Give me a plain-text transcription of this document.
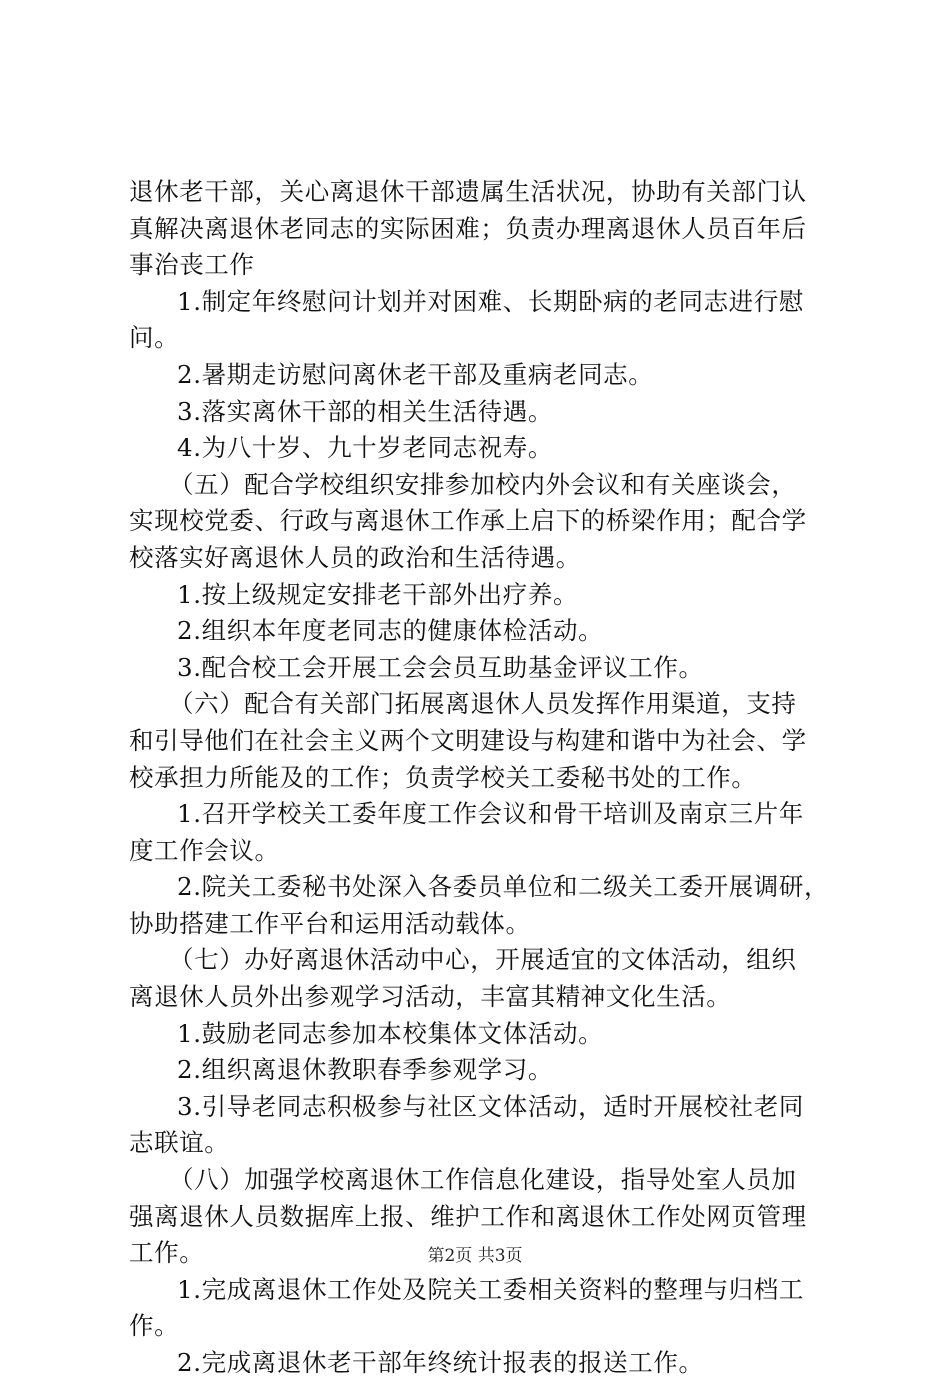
退休老干部，关心离退休干部遗属生活状况，协助有关部门认
真解决离退休老同志的实际困难；负责办理离退休人员百年后
事治丧工作
1.制定年终慰问计划并对困难、长期卧病的老同志进行慰
问。
2.暑期走访慰问离休老干部及重病老同志。
3.落实离休干部的相关生活待遇。
4.为八十岁、九十岁老同志祝寿。
（五）配合学校组织安排参加校内外会议和有关座谈会，
实现校党委、行政与离退休工作承上启下的桥梁作用；配合学
校落实好离退休人员的政治和生活待遇。
1.按上级规定安排老干部外出疗养。
2.组织本年度老同志的健康体检活动。
3.配合校工会开展工会会员互助基金评议工作。
（六）配合有关部门拓展离退休人员发挥作用渠道，支持
和引导他们在社会主义两个文明建设与构建和谐中为社会、学
校承担力所能及的工作；负责学校关工委秘书处的工作。
1.召开学校关工委年度工作会议和骨干培训及南京三片年
度工作会议。
2.院关工委秘书处深入各委员单位和二级关工委开展调研，
协助搭建工作平台和运用活动载体。
（七）办好离退休活动中心，开展适宜的文体活动，组织
离退休人员外出参观学习活动，丰富其精神文化生活。
1.鼓励老同志参加本校集体文体活动。
2.组织离退休教职春季参观学习。
3.引导老同志积极参与社区文体活动，适时开展校社老同
志联谊。
（八）加强学校离退休工作信息化建设，指导处室人员加
强离退休人员数据库上报、维护工作和离退休工作处网页管理
工作。
1.完成离退休工作处及院关工委相关资料的整理与归档工
作。
2.完成离退休老干部年终统计报表的报送工作。
第2页 共3页
